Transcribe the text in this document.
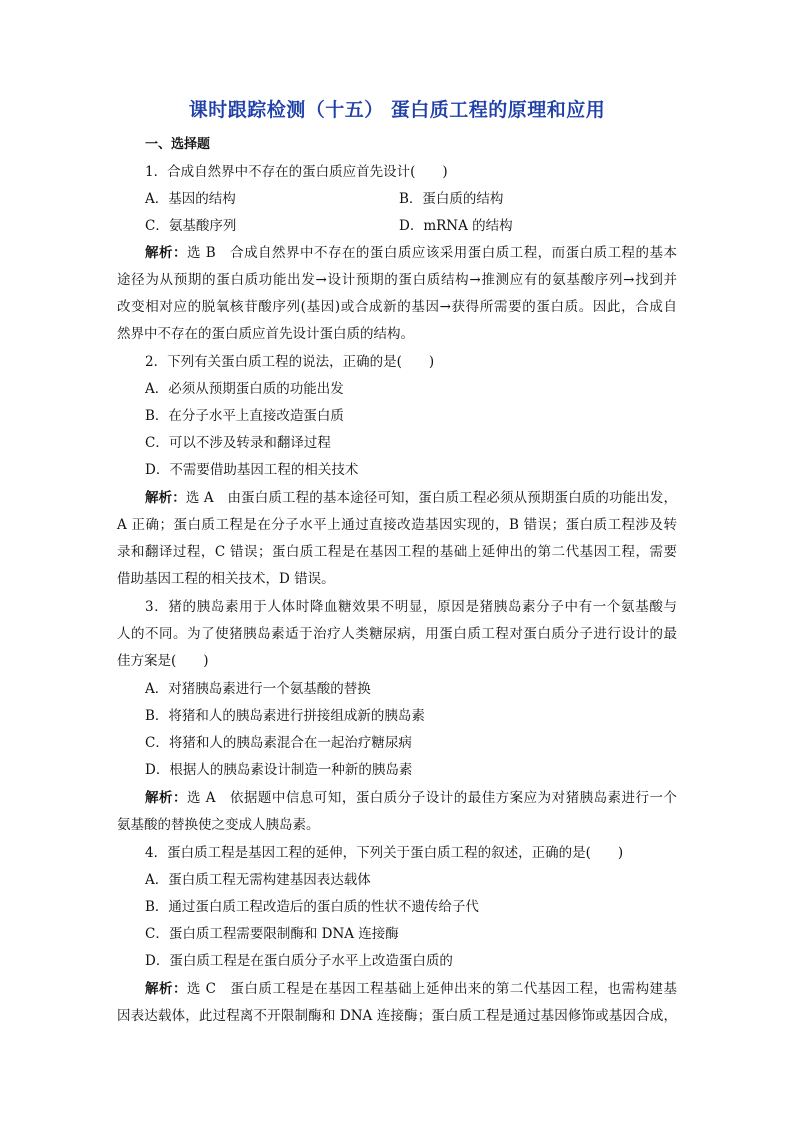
课时跟踪检测（十五） 蛋白质工程的原理和应用
一、选择题
1．合成自然界中不存在的蛋白质应首先设计(　　)
A．基因的结构	B．蛋白质的结构
C．氨基酸序列	D．mRNA 的结构
解析：选 B　合成自然界中不存在的蛋白质应该采用蛋白质工程，而蛋白质工程的基本
途径为从预期的蛋白质功能出发→设计预期的蛋白质结构→推测应有的氨基酸序列→找到并
改变相对应的脱氧核苷酸序列(基因)或合成新的基因→获得所需要的蛋白质。因此，合成自
然界中不存在的蛋白质应首先设计蛋白质的结构。
2．下列有关蛋白质工程的说法，正确的是(　　)
A．必须从预期蛋白质的功能出发
B．在分子水平上直接改造蛋白质
C．可以不涉及转录和翻译过程
D．不需要借助基因工程的相关技术
解析：选 A　由蛋白质工程的基本途径可知，蛋白质工程必须从预期蛋白质的功能出发，
A 正确；蛋白质工程是在分子水平上通过直接改造基因实现的，B 错误；蛋白质工程涉及转
录和翻译过程，C 错误；蛋白质工程是在基因工程的基础上延伸出的第二代基因工程，需要
借助基因工程的相关技术，D 错误。
3．猪的胰岛素用于人体时降血糖效果不明显，原因是猪胰岛素分子中有一个氨基酸与
人的不同。为了使猪胰岛素适于治疗人类糖尿病，用蛋白质工程对蛋白质分子进行设计的最
佳方案是(　　)
A．对猪胰岛素进行一个氨基酸的替换
B．将猪和人的胰岛素进行拼接组成新的胰岛素
C．将猪和人的胰岛素混合在一起治疗糖尿病
D．根据人的胰岛素设计制造一种新的胰岛素
解析：选 A　依据题中信息可知，蛋白质分子设计的最佳方案应为对猪胰岛素进行一个
氨基酸的替换使之变成人胰岛素。
4．蛋白质工程是基因工程的延伸，下列关于蛋白质工程的叙述，正确的是(　　)
A．蛋白质工程无需构建基因表达载体
B．通过蛋白质工程改造后的蛋白质的性状不遗传给子代
C．蛋白质工程需要限制酶和 DNA 连接酶
D．蛋白质工程是在蛋白质分子水平上改造蛋白质的
解析：选 C　蛋白质工程是在基因工程基础上延伸出来的第二代基因工程，也需构建基
因表达载体，此过程离不开限制酶和 DNA 连接酶；蛋白质工程是通过基因修饰或基因合成，
